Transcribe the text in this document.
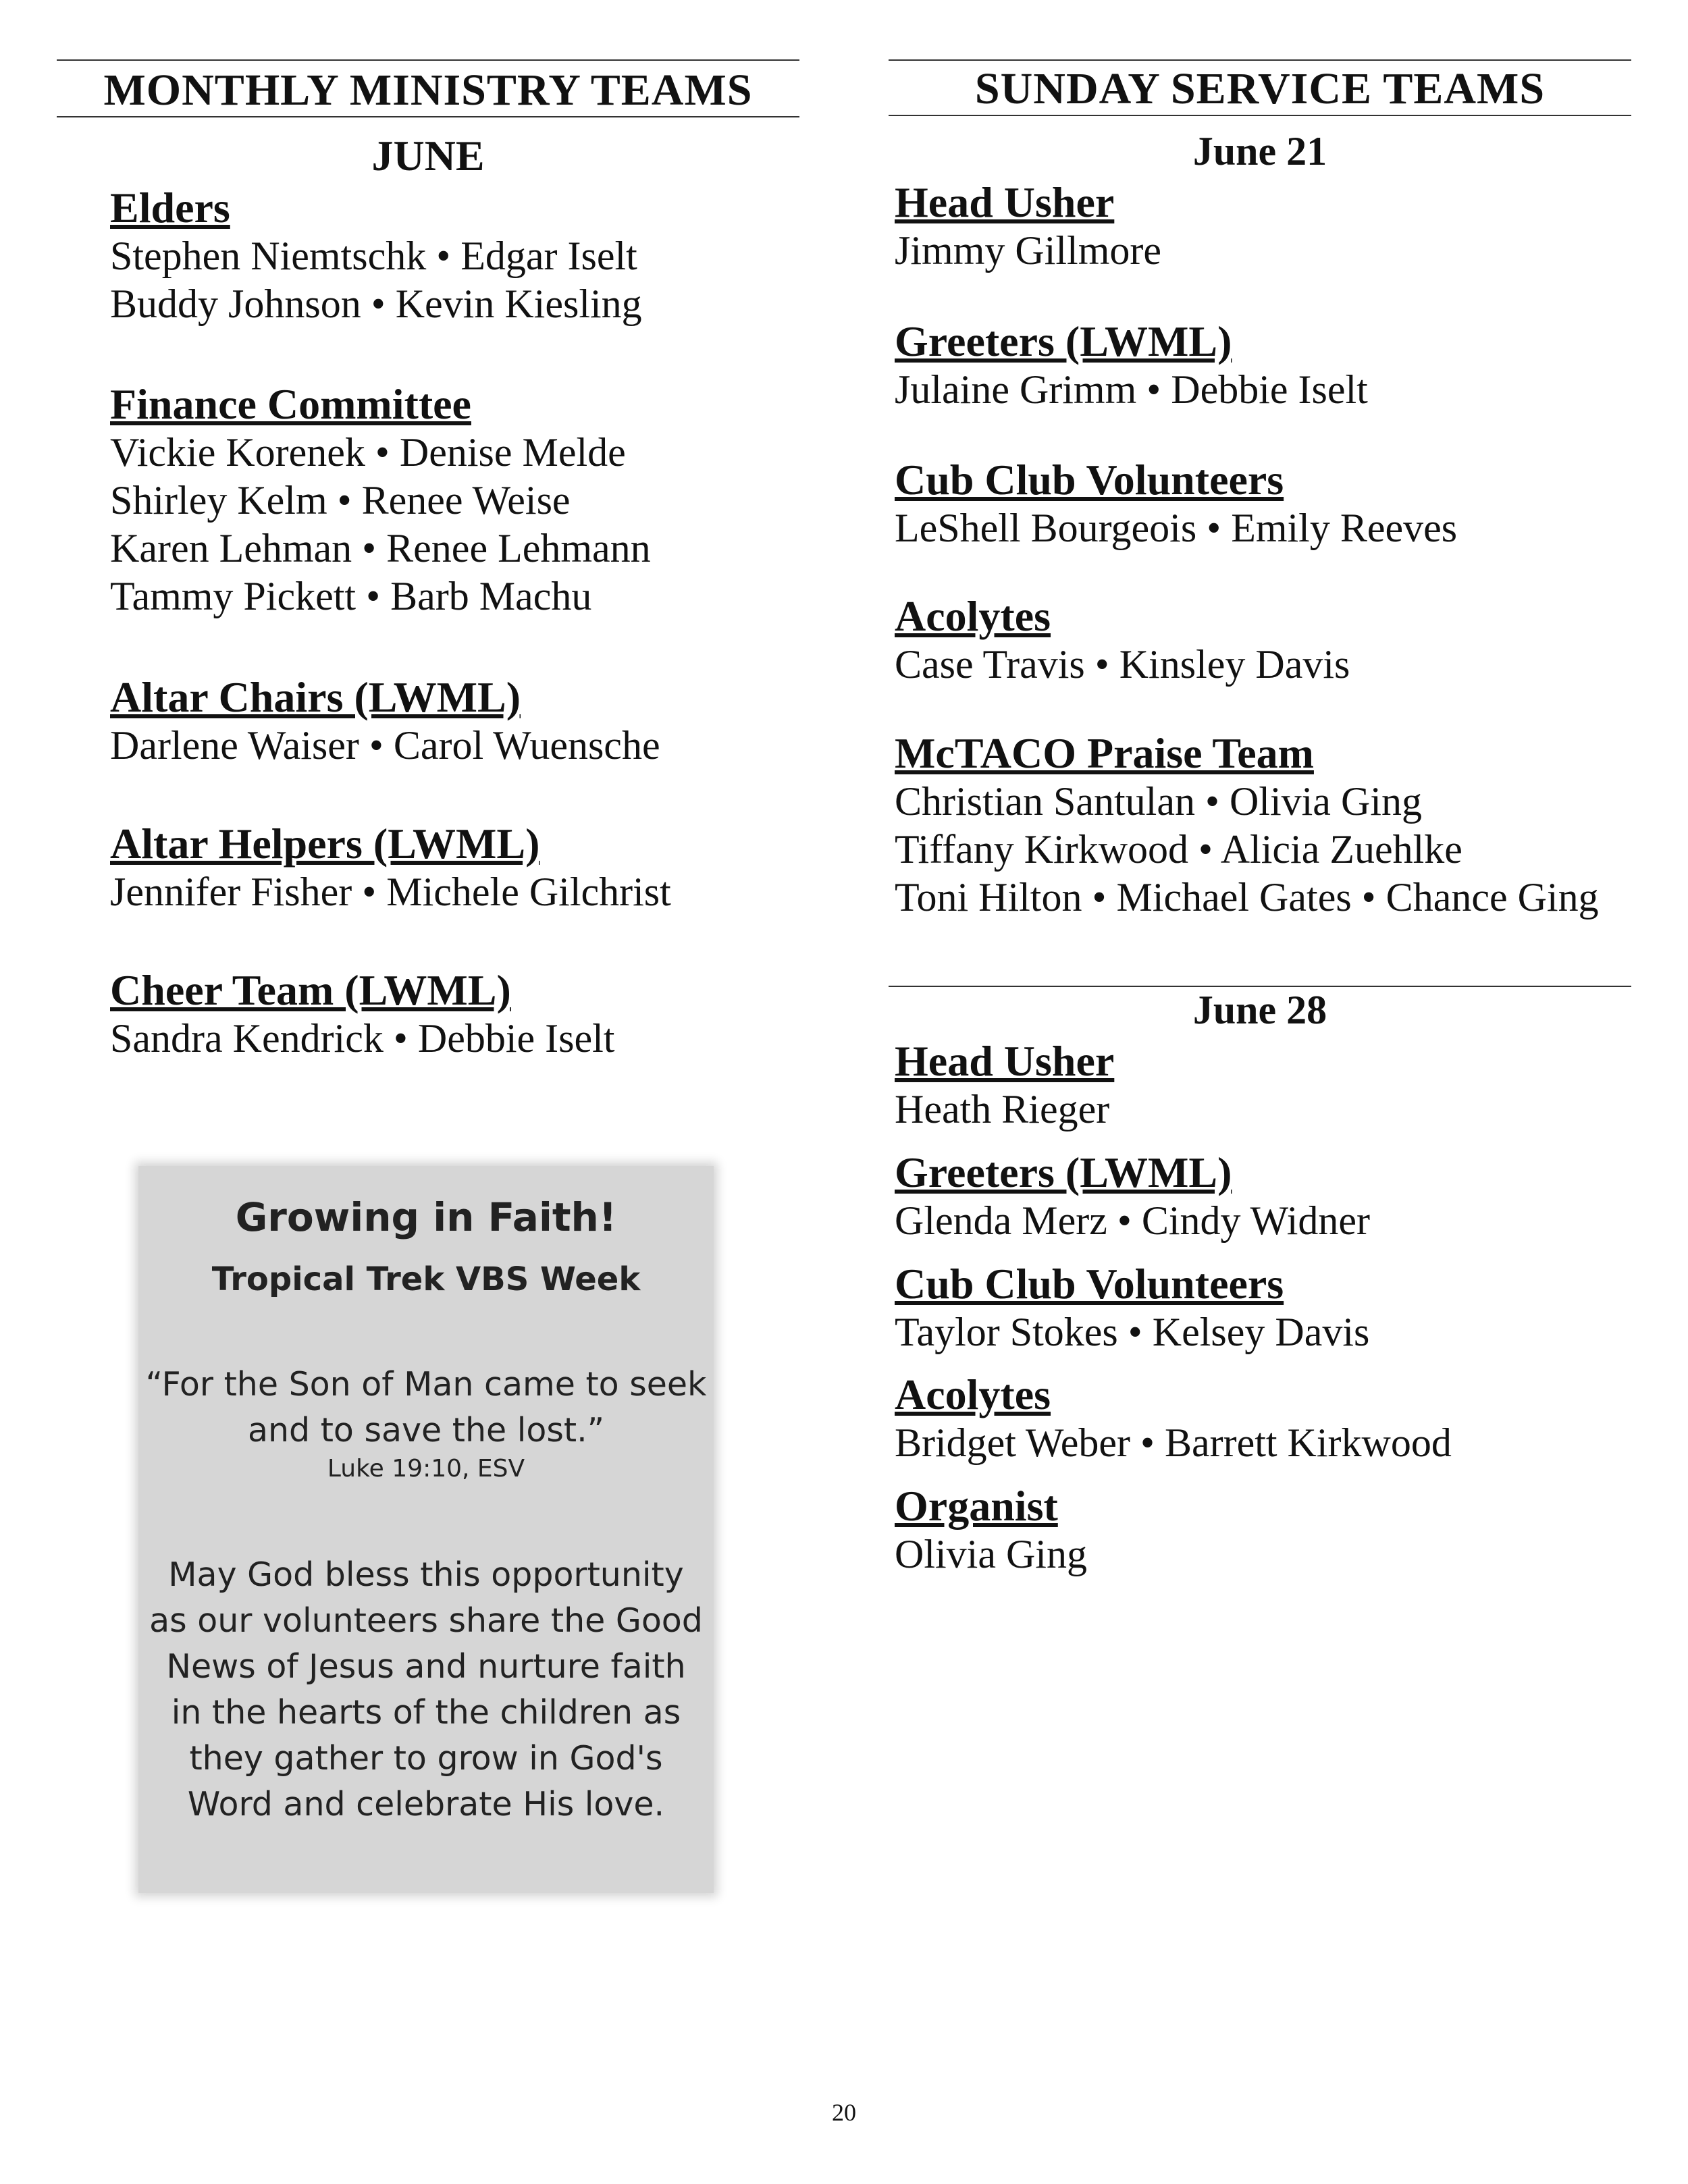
MONTHLY MINISTRY TEAMS
JUNE
Elders
Stephen Niemtschk • Edgar Iselt
Buddy Johnson • Kevin Kiesling
Finance Committee
Vickie Korenek • Denise Melde
Shirley Kelm • Renee Weise
Karen Lehman • Renee Lehmann
Tammy Pickett • Barb Machu
Altar Chairs (LWML)
Darlene Waiser • Carol Wuensche
Altar Helpers (LWML)
Jennifer Fisher • Michele Gilchrist
Cheer Team (LWML)
Sandra Kendrick • Debbie Iselt
Growing in Faith!
Tropical Trek VBS Week
“For the Son of Man came to seek
and to save the lost.”
Luke 19:10, ESV
May God bless this opportunity
as our volunteers share the Good
News of Jesus and nurture faith
in the hearts of the children as
they gather to grow in God's
Word and celebrate His love.
SUNDAY SERVICE TEAMS
June 21
Head Usher
Jimmy Gillmore
Greeters (LWML)
Julaine Grimm • Debbie Iselt
Cub Club Volunteers
LeShell Bourgeois • Emily Reeves
Acolytes
Case Travis • Kinsley Davis
McTACO Praise Team
Christian Santulan • Olivia Ging
Tiffany Kirkwood • Alicia Zuehlke
Toni Hilton • Michael Gates • Chance Ging
June 28
Head Usher
Heath Rieger
Greeters (LWML)
Glenda Merz • Cindy Widner
Cub Club Volunteers
Taylor Stokes • Kelsey Davis
Acolytes
Bridget Weber • Barrett Kirkwood
Organist
Olivia Ging
20
